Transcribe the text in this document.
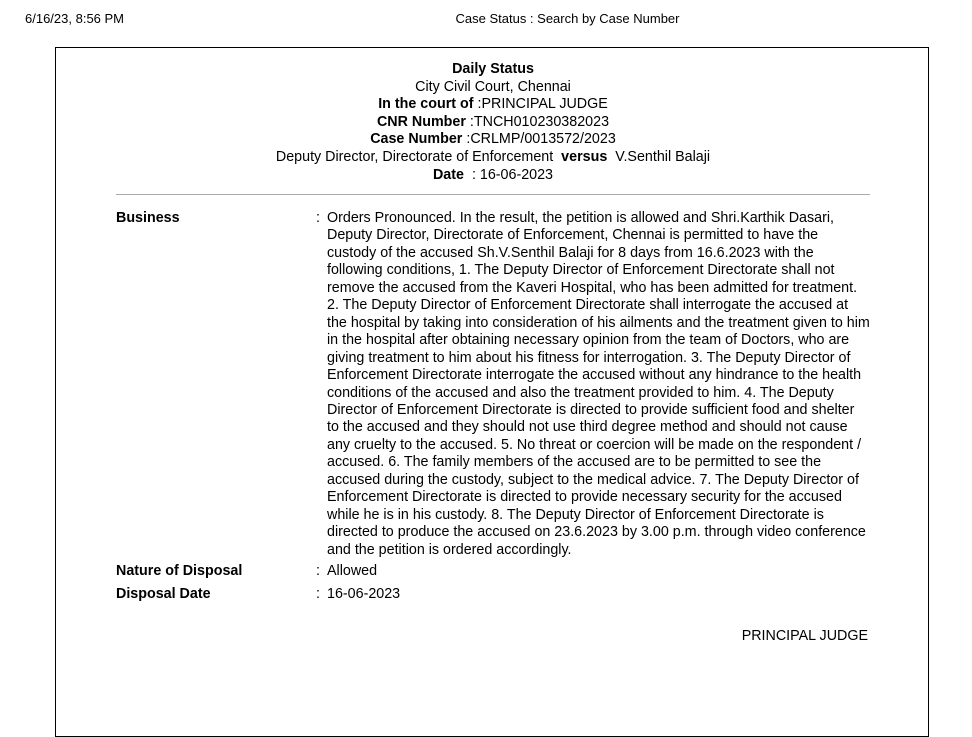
6/16/23, 8:56 PM	Case Status : Search by Case Number
Daily Status
City Civil Court, Chennai
In the court of :PRINCIPAL JUDGE
CNR Number :TNCH010230382023
Case Number :CRLMP/0013572/2023
Deputy Director, Directorate of Enforcement versus V.Senthil Balaji
Date : 16-06-2023
Business	: Orders Pronounced. In the result, the petition is allowed and Shri.Karthik Dasari, Deputy Director, Directorate of Enforcement, Chennai is permitted to have the custody of the accused Sh.V.Senthil Balaji for 8 days from 16.6.2023 with the following conditions, 1. The Deputy Director of Enforcement Directorate shall not remove the accused from the Kaveri Hospital, who has been admitted for treatment. 2. The Deputy Director of Enforcement Directorate shall interrogate the accused at the hospital by taking into consideration of his ailments and the treatment given to him in the hospital after obtaining necessary opinion from the team of Doctors, who are giving treatment to him about his fitness for interrogation. 3. The Deputy Director of Enforcement Directorate interrogate the accused without any hindrance to the health conditions of the accused and also the treatment provided to him. 4. The Deputy Director of Enforcement Directorate is directed to provide sufficient food and shelter to the accused and they should not use third degree method and should not cause any cruelty to the accused. 5. No threat or coercion will be made on the respondent / accused. 6. The family members of the accused are to be permitted to see the accused during the custody, subject to the medical advice. 7. The Deputy Director of Enforcement Directorate is directed to provide necessary security for the accused while he is in his custody. 8. The Deputy Director of Enforcement Directorate is directed to produce the accused on 23.6.2023 by 3.00 p.m. through video conference and the petition is ordered accordingly.
Nature of Disposal	: Allowed
Disposal Date	: 16-06-2023
PRINCIPAL JUDGE
